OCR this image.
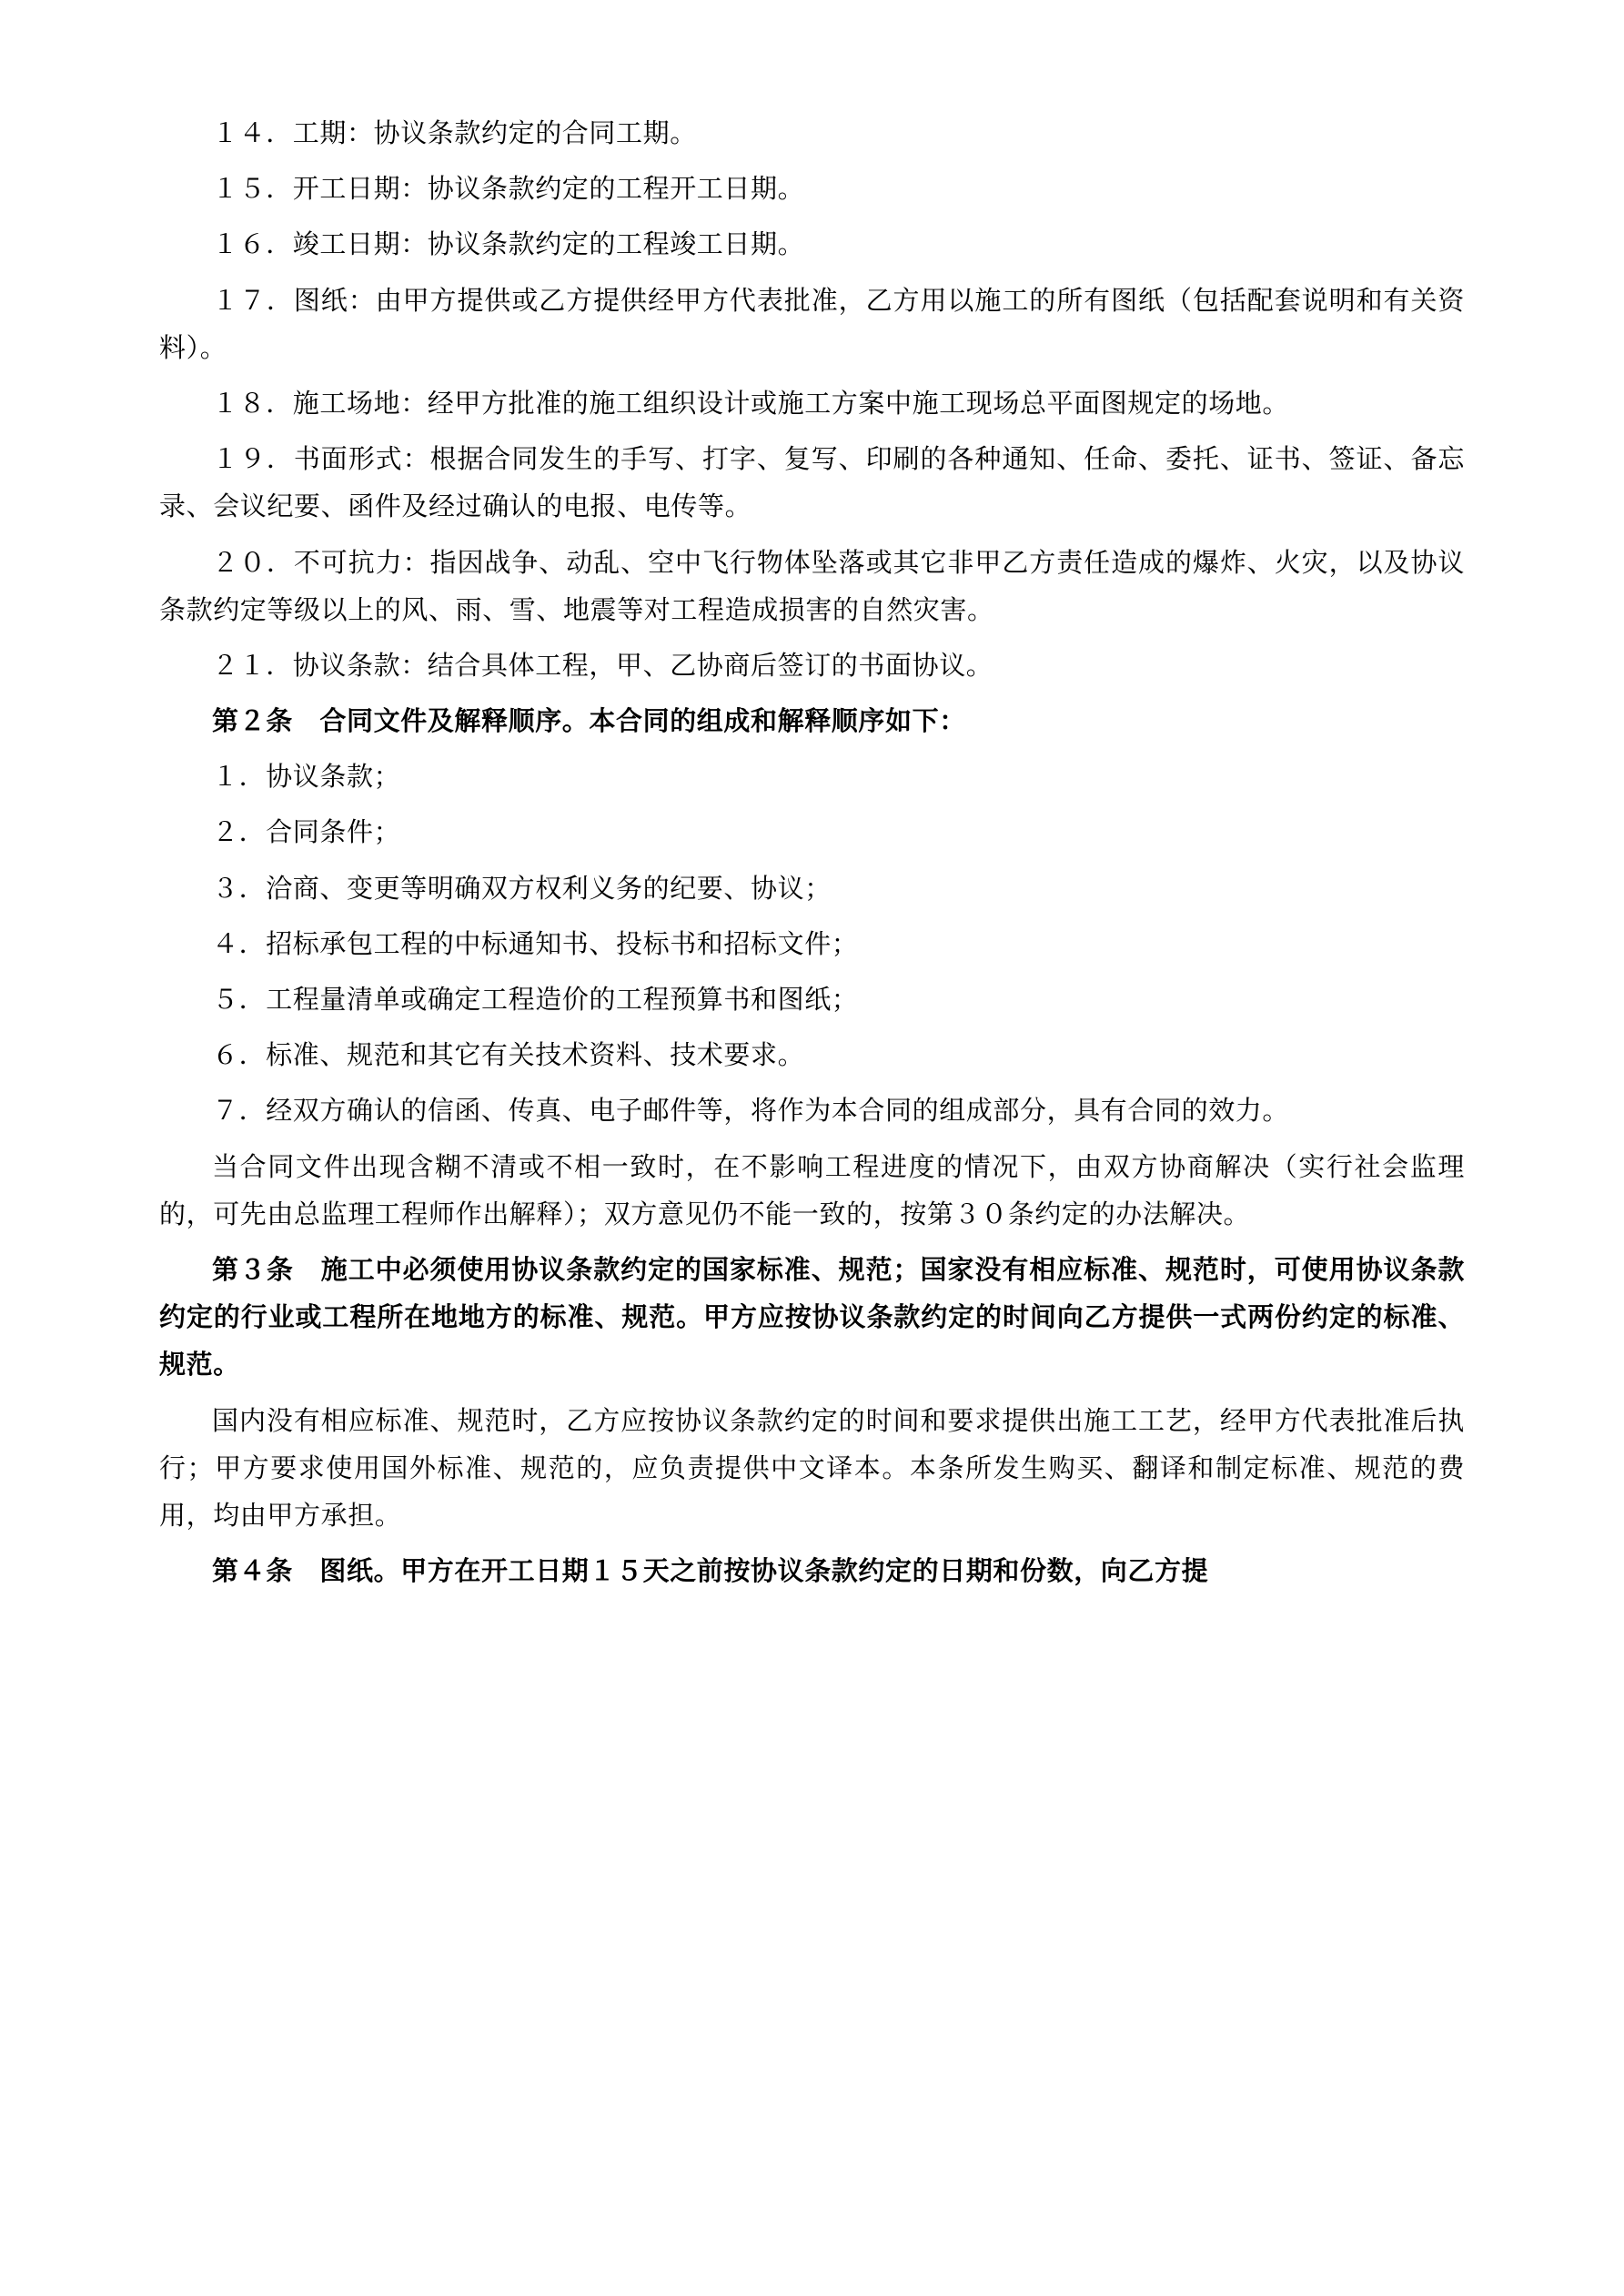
１４．工期：协议条款约定的合同工期。

１５．开工日期：协议条款约定的工程开工日期。

１６．竣工日期：协议条款约定的工程竣工日期。

１７．图纸：由甲方提供或乙方提供经甲方代表批准，乙方用以施工的所有图纸（包括配套说明和有关资料）。

１８．施工场地：经甲方批准的施工组织设计或施工方案中施工现场总平面图规定的场地。

１９．书面形式：根据合同发生的手写、打字、复写、印刷的各种通知、任命、委托、证书、签证、备忘录、会议纪要、函件及经过确认的电报、电传等。

２０．不可抗力：指因战争、动乱、空中飞行物体坠落或其它非甲乙方责任造成的爆炸、火灾，以及协议条款约定等级以上的风、雨、雪、地震等对工程造成损害的自然灾害。

２１．协议条款：结合具体工程，甲、乙协商后签订的书面协议。

第２条　合同文件及解释顺序。本合同的组成和解释顺序如下：

１．协议条款；

２．合同条件；

３．洽商、变更等明确双方权利义务的纪要、协议；

４．招标承包工程的中标通知书、投标书和招标文件；

５．工程量清单或确定工程造价的工程预算书和图纸；

６．标准、规范和其它有关技术资料、技术要求。

７．经双方确认的信函、传真、电子邮件等，将作为本合同的组成部分，具有合同的效力。

当合同文件出现含糊不清或不相一致时，在不影响工程进度的情况下，由双方协商解决（实行社会监理的，可先由总监理工程师作出解释）；双方意见仍不能一致的，按第３０条约定的办法解决。

第３条　施工中必须使用协议条款约定的国家标准、规范；国家没有相应标准、规范时，可使用协议条款约定的行业或工程所在地地方的标准、规范。甲方应按协议条款约定的时间向乙方提供一式两份约定的标准、规范。

国内没有相应标准、规范时，乙方应按协议条款约定的时间和要求提供出施工工艺，经甲方代表批准后执行；甲方要求使用国外标准、规范的，应负责提供中文译本。本条所发生购买、翻译和制定标准、规范的费用，均由甲方承担。

第４条　图纸。甲方在开工日期１５天之前按协议条款约定的日期和份数，向乙方提
